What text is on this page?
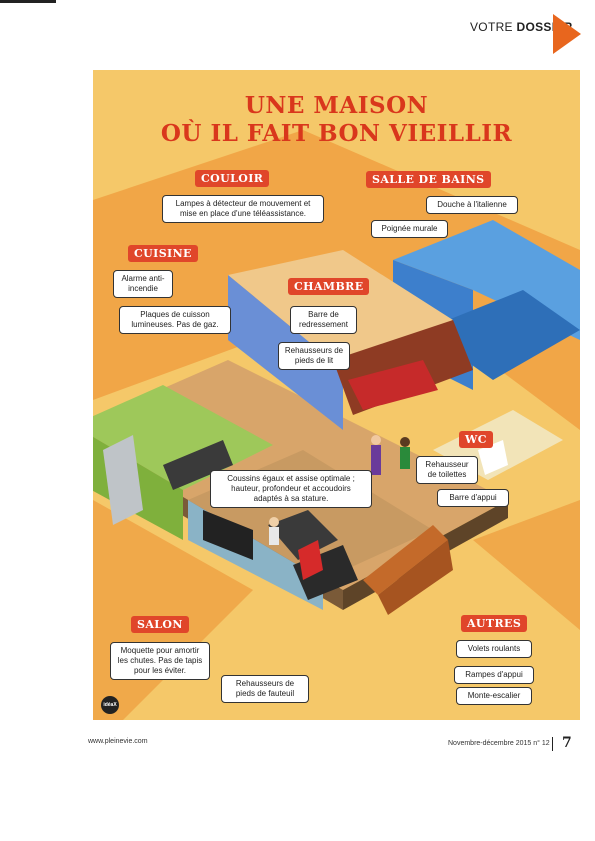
VOTRE DOSSIER
UNE MAISON
OÙ IL FAIT BON VIEILLIR
COULOIR	SALLE DE BAINS
CUISINE
CHAMBRE
WC
SALON	AUTRES
Lampes à détecteur de mouvement et mise en place d'une téléassistance.
Douche à l'italienne
Poignée murale
Alarme anti-incendie
Plaques de cuisson lumineuses. Pas de gaz.
Barre de redressement
Rehausseurs de pieds de lit
Coussins égaux et assise optimale ; hauteur, profondeur et accoudoirs adaptés à sa stature.
Rehausseur de toilettes
Barre d'appui
Moquette pour amortir les chutes. Pas de tapis pour les éviter.
Rehausseurs de pieds de fauteuil
Volets roulants
Rampes d'appui
Monte-escalier
idéaX
www.pleinevie.com	Novembre-décembre 2015 n° 12 7
